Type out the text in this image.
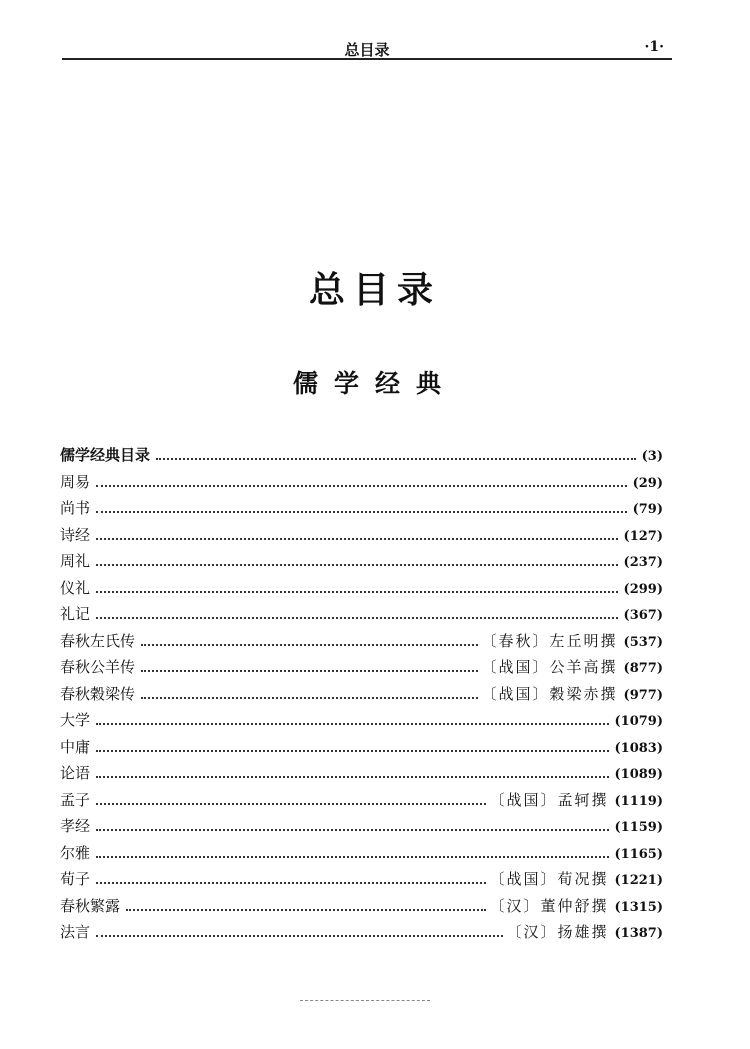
总目录	·1·
总目录
儒学经典
儒学经典目录	(3)
周易	(29)
尚书	(79)
诗经	(127)
周礼	(237)
仪礼	(299)
礼记	(367)
春秋左氏传	〔春秋〕左丘明撰 (537)
春秋公羊传	〔战国〕公羊高撰 (877)
春秋穀梁传	〔战国〕穀梁赤撰 (977)
大学	(1079)
中庸	(1083)
论语	(1089)
孟子	〔战国〕孟轲撰 (1119)
孝经	(1159)
尔雅	(1165)
荀子	〔战国〕荀况撰 (1221)
春秋繁露	〔汉〕董仲舒撰 (1315)
法言	〔汉〕扬雄撰 (1387)
